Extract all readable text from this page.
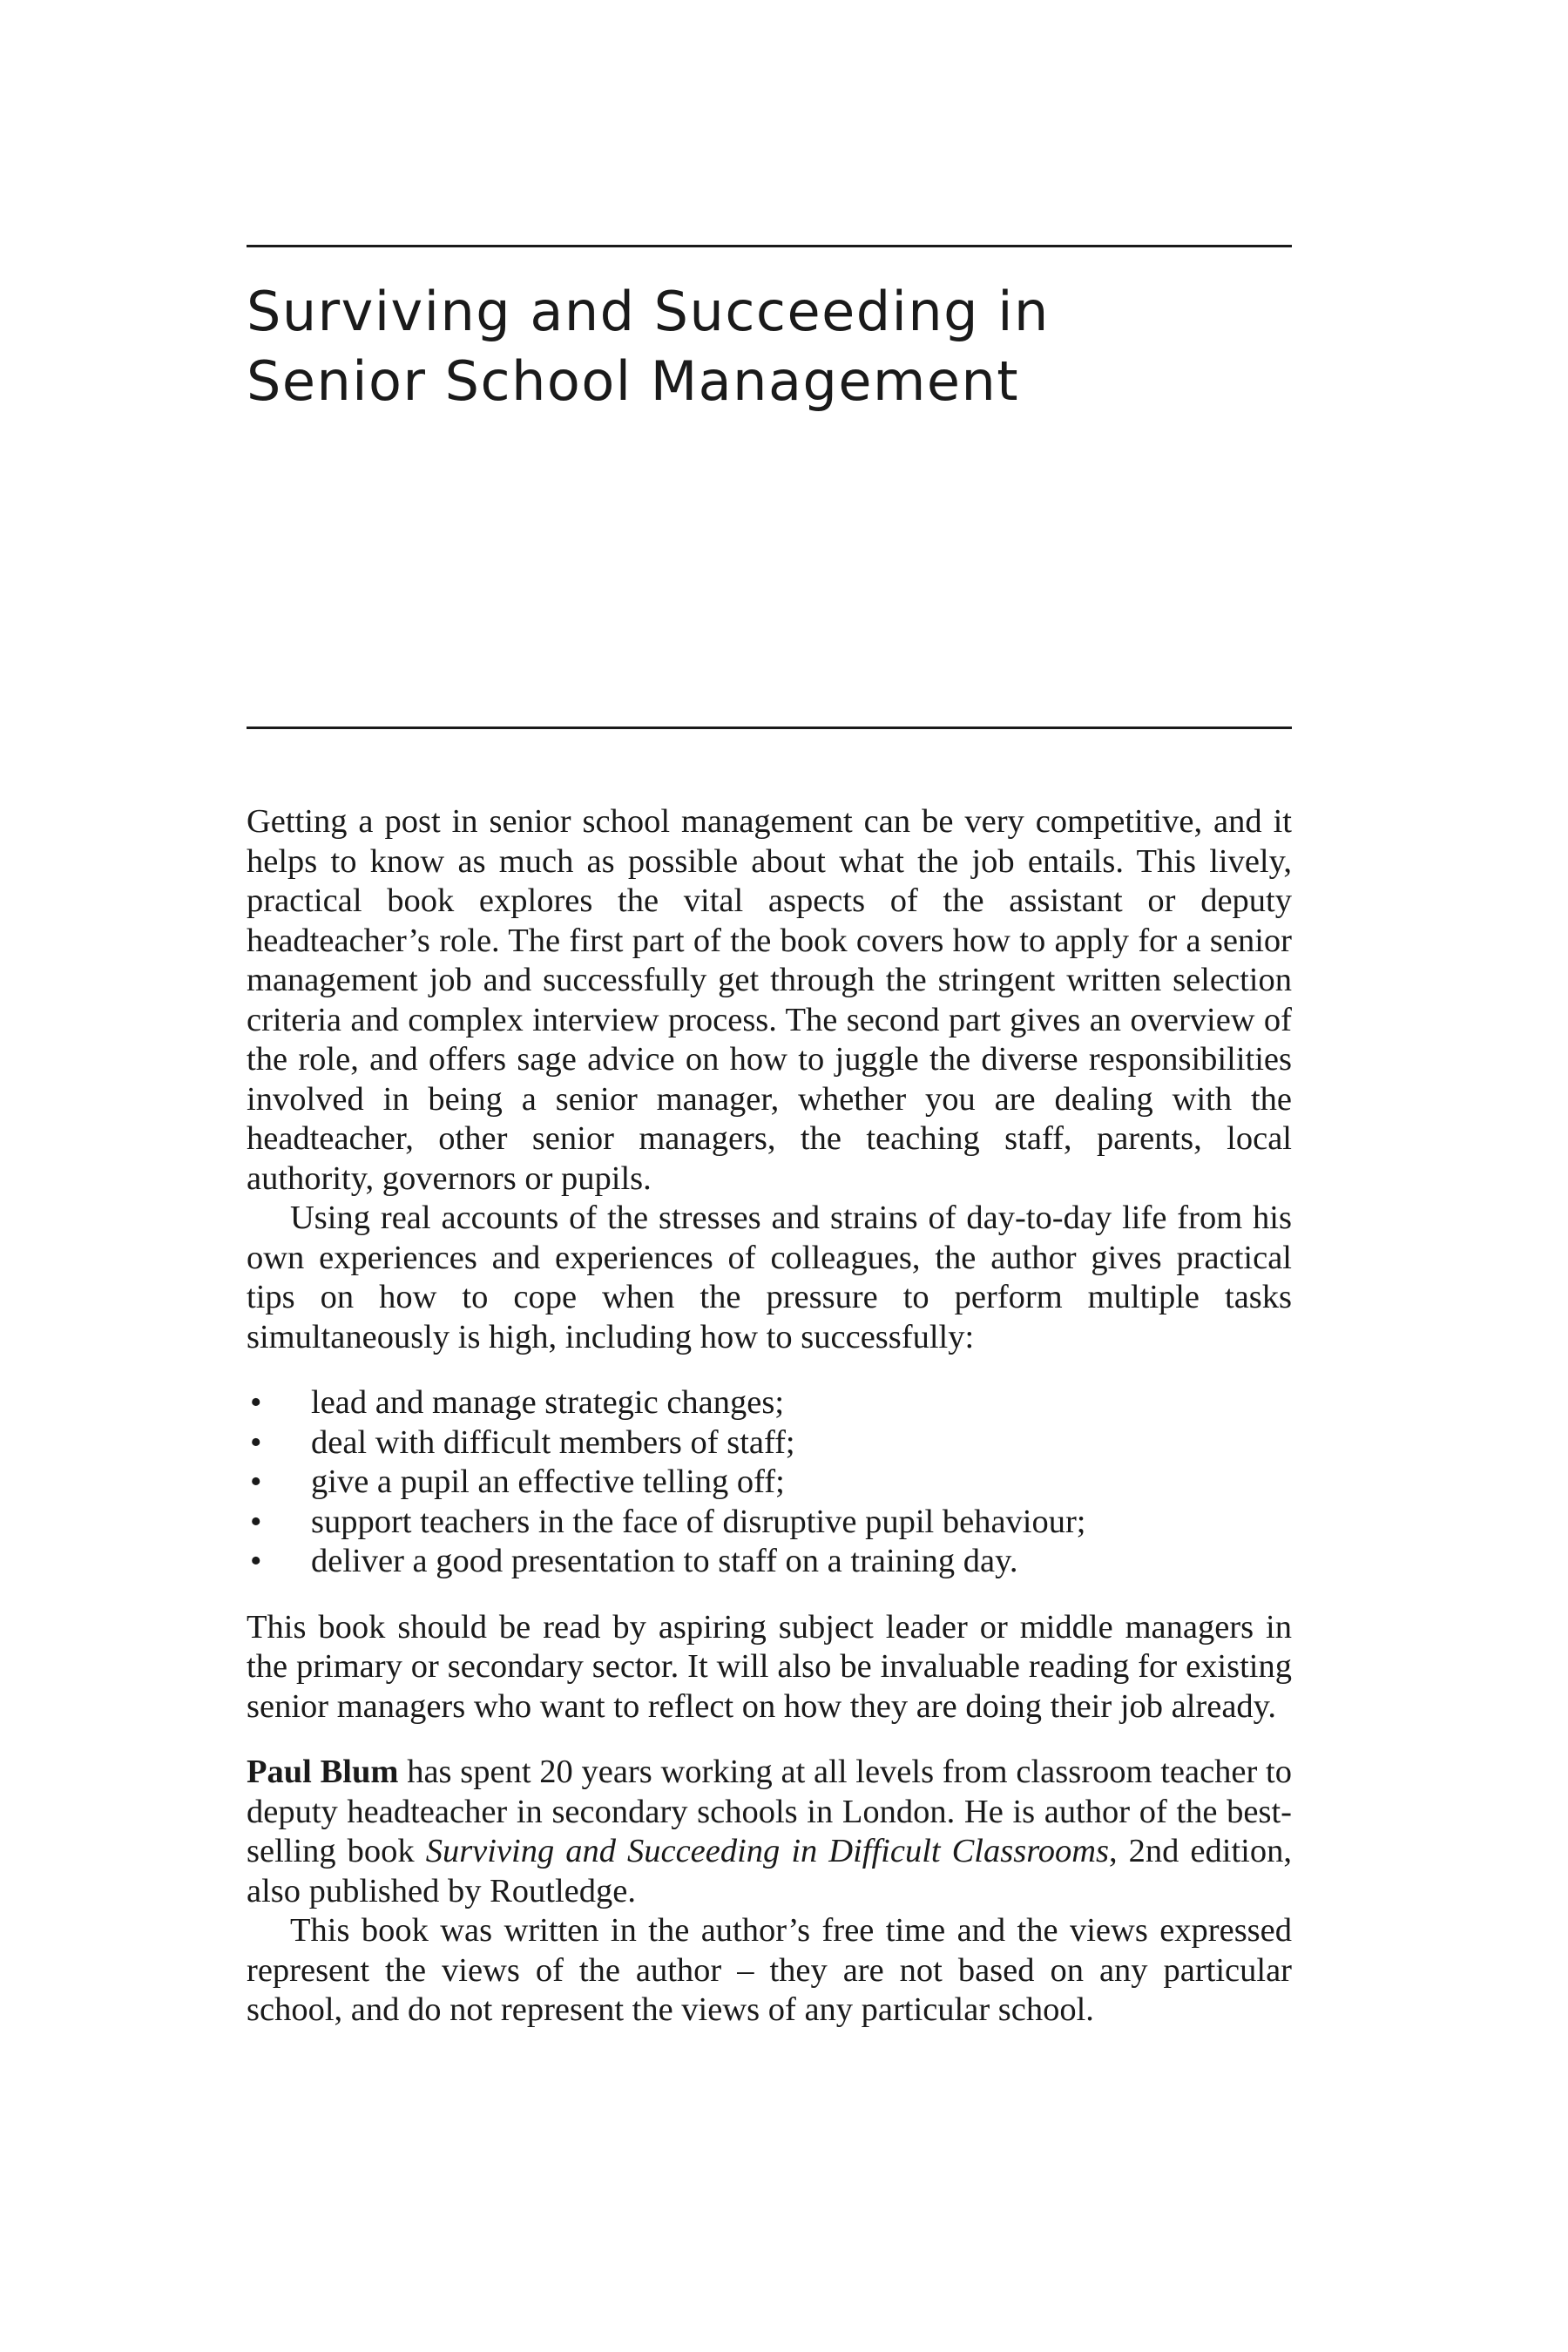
Surviving and Succeeding in
Senior School Management

Getting a post in senior school management can be very competitive, and it helps to know as much as possible about what the job entails. This lively, practical book explores the vital aspects of the assistant or deputy headteacher’s role. The first part of the book covers how to apply for a senior management job and successfully get through the stringent written selection criteria and complex interview process. The second part gives an overview of the role, and offers sage advice on how to juggle the diverse responsibilities involved in being a senior manager, whether you are dealing with the headteacher, other senior managers, the teaching staff, parents, local authority, governors or pupils.

Using real accounts of the stresses and strains of day-to-day life from his own experiences and experiences of colleagues, the author gives practical tips on how to cope when the pressure to perform multiple tasks simultaneously is high, including how to successfully:

• lead and manage strategic changes;
• deal with difficult members of staff;
• give a pupil an effective telling off;
• support teachers in the face of disruptive pupil behaviour;
• deliver a good presentation to staff on a training day.

This book should be read by aspiring subject leader or middle managers in the primary or secondary sector. It will also be invaluable reading for existing senior managers who want to reflect on how they are doing their job already.

Paul Blum has spent 20 years working at all levels from classroom teacher to deputy headteacher in secondary schools in London. He is author of the best-selling book Surviving and Succeeding in Difficult Classrooms, 2nd edition, also published by Routledge.

This book was written in the author’s free time and the views expressed represent the views of the author – they are not based on any particular school, and do not represent the views of any particular school.
